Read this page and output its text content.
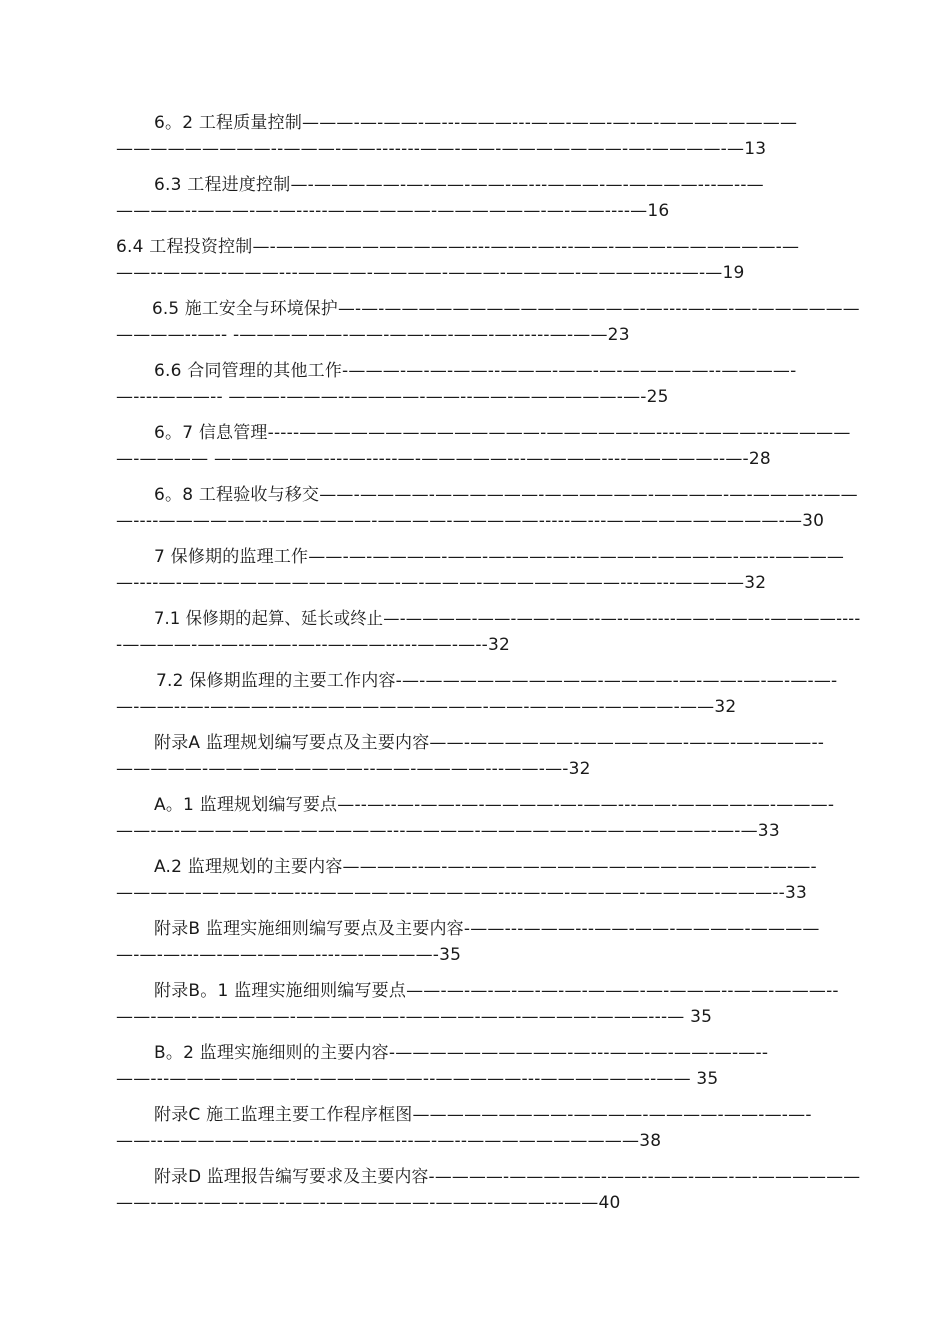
6。2 工程质量控制———-—-——-—---———---——-——-—-—-————————
—————————--———-——-------——-——-———————-—-————-—13
6.3 工程进度控制—-—————-—-——-——-—---———-—-————---—--—
————--———-—-—-----——————-——————-—-——----—16
6.4 工程投资控制—-———————————----—-—-—---——-———-——————-—
——--——-—-———---————-————-———-————-————-----—-—19
6.5 施工安全与环境保护—-—-———————————————-—----—-—-—-——————
————--—-- -——————-——-——-—-——-—------—-——23
6.6 合同管理的其他工作-———-—-—-——--———-——-—-—————--————-
—----———-- ———-———--————-——--——-——————-—-25
6。7 信息管理-----——————————————-—————-—----—-———----————
—-———— ———-———----—-----—-—————---—-———----—————--—-28
6。8 工程验收与移交——-————-——————-——————-————-—-———---——
—----——————-——————-————-—————-----—---——————————-—30
7 保修期的监理工作——-—-————-——-—-——-—--————-———-—-—---————
—----—-——-——————————-—-———-————————---—---————32
7.1 保修期的起算、延长或终止—-————-——-——-——--—--—-----——-———-————----
-————-—-—--—-—-—--—-——-----——-—--32
7.2 保修期监理的主要工作内容-—-——————————-————-—-——-—-—-—-—-
—-——--—-—-——-—---——————————-——-————-————-——32
附录A 监理规划编写要点及主要内容——-——————-——————-—-—-—-———--
—————-—————————--——-————---——-—-32
A。1 监理规划编写要点—--—--—-——-—-————-—-——---——-————-—-———-
——-—-————————————---————-——————-———————-—-—33
A.2 监理规划的主要内容————--—-—-—————————————————-—-—-
—————————-—----—————-—————----—-—-————-————-———--33
附录B 监理实施细则编写要点及主要内容-——---———---——-——-————-————
—-—-—---—-——-———----—-————-35
附录B。1 监理实施细则编写要点——-—-—-—-—-—-—-———-—-———--——-———--
——-——-—-————-——————-————-——-————-———---— 35
B。2 监理实施细则的主要内容-——————————-—---——-—-——-—-—--
——---———————-—-——————--—————---——————--—— 35
附录C 施工监理主要工作程序框图—————————-————-————-——-—-—-
——--——————-—-—-——-——---—-—--——————————38
附录D 监理报告编写要求及主要内容-————-————-—-——--——-——-—-——————
——-—-—-——-——-——-——————-———-———---——40
